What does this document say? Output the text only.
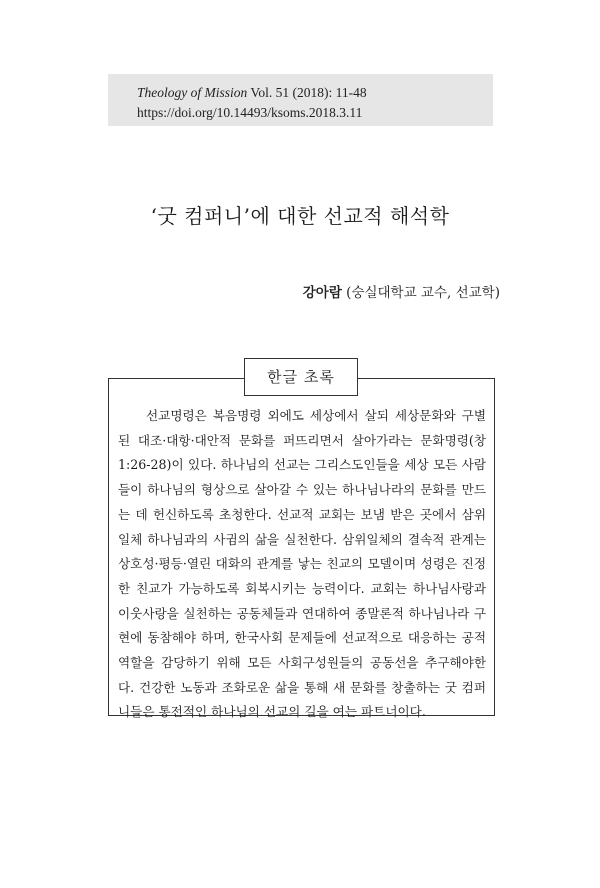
Theology of Mission Vol. 51 (2018): 11-48
https://doi.org/10.14493/ksoms.2018.3.11
‘굿 컴퍼니’에 대한 선교적 해석학
강아람 (숭실대학교 교수, 선교학)
한글 초록

선교명령은 복음명령 외에도 세상에서 살되 세상문화와 구별된 대조·대항·대안적 문화를 퍼뜨리면서 살아가라는 문화명령(창 1:26-28)이 있다. 하나님의 선교는 그리스도인들을 세상 모든 사람들이 하나님의 형상으로 살아갈 수 있는 하나님나라의 문화를 만드는 데 헌신하도록 초청한다. 선교적 교회는 보냄 받은 곳에서 삼위일체 하나님과의 사귐의 삶을 실천한다. 삼위일체의 결속적 관계는 상호성·평등·열린 대화의 관계를 낳는 친교의 모델이며 성령은 진정한 친교가 가능하도록 회복시키는 능력이다. 교회는 하나님사랑과 이웃사랑을 실천하는 공동체들과 연대하여 종말론적 하나님나라 구현에 동참해야 하며, 한국사회 문제들에 선교적으로 대응하는 공적역할을 감당하기 위해 모든 사회구성원들의 공동선을 추구해야한다. 건강한 노동과 조화로운 삶을 통해 새 문화를 창출하는 굿 컴퍼니들은 통전적인 하나님의 선교의 길을 여는 파트너이다.
